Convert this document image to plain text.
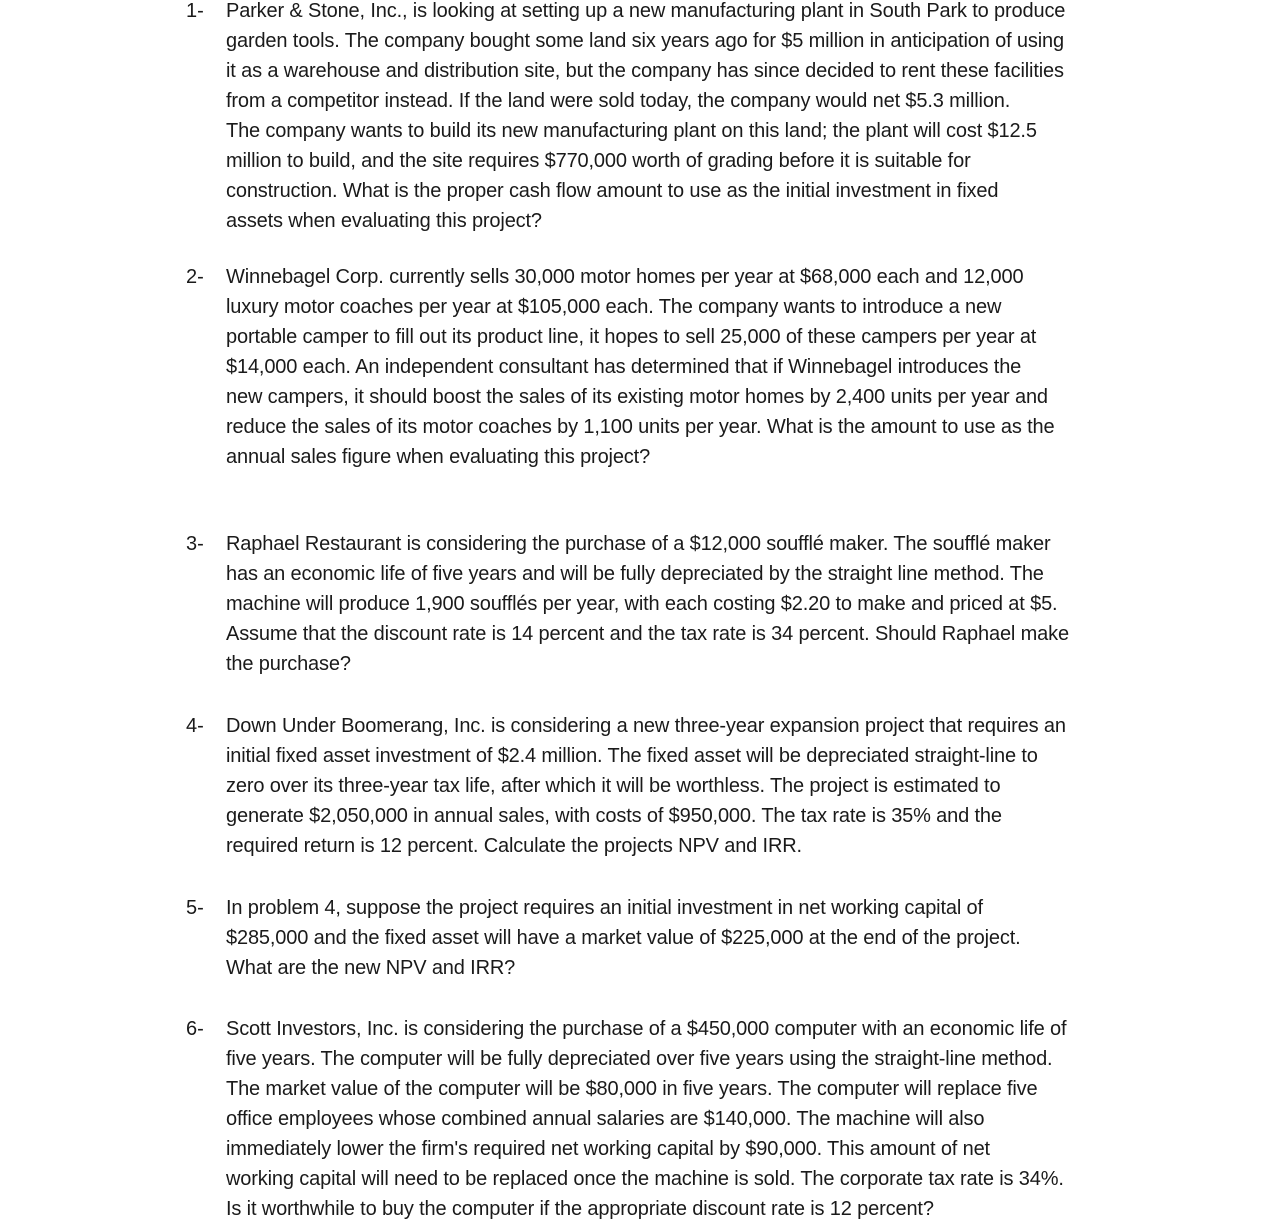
1- Parker & Stone, Inc., is looking at setting up a new manufacturing plant in South Park to produce
garden tools. The company bought some land six years ago for $5 million in anticipation of using
it as a warehouse and distribution site, but the company has since decided to rent these facilities
from a competitor instead. If the land were sold today, the company would net $5.3 million.
The company wants to build its new manufacturing plant on this land; the plant will cost $12.5
million to build, and the site requires $770,000 worth of grading before it is suitable for
construction. What is the proper cash flow amount to use as the initial investment in fixed
assets when evaluating this project?
2- Winnebagel Corp. currently sells 30,000 motor homes per year at $68,000 each and 12,000
luxury motor coaches per year at $105,000 each. The company wants to introduce a new
portable camper to fill out its product line, it hopes to sell 25,000 of these campers per year at
$14,000 each. An independent consultant has determined that if Winnebagel introduces the
new campers, it should boost the sales of its existing motor homes by 2,400 units per year and
reduce the sales of its motor coaches by 1,100 units per year. What is the amount to use as the
annual sales figure when evaluating this project?
3- Raphael Restaurant is considering the purchase of a $12,000 soufflé maker. The soufflé maker
has an economic life of five years and will be fully depreciated by the straight line method. The
machine will produce 1,900 soufflés per year, with each costing $2.20 to make and priced at $5.
Assume that the discount rate is 14 percent and the tax rate is 34 percent. Should Raphael make
the purchase?
4- Down Under Boomerang, Inc. is considering a new three-year expansion project that requires an
initial fixed asset investment of $2.4 million. The fixed asset will be depreciated straight-line to
zero over its three-year tax life, after which it will be worthless. The project is estimated to
generate $2,050,000 in annual sales, with costs of $950,000. The tax rate is 35% and the
required return is 12 percent. Calculate the projects NPV and IRR.
5- In problem 4, suppose the project requires an initial investment in net working capital of
$285,000 and the fixed asset will have a market value of $225,000 at the end of the project.
What are the new NPV and IRR?
6- Scott Investors, Inc. is considering the purchase of a $450,000 computer with an economic life of
five years. The computer will be fully depreciated over five years using the straight-line method.
The market value of the computer will be $80,000 in five years. The computer will replace five
office employees whose combined annual salaries are $140,000. The machine will also
immediately lower the firm's required net working capital by $90,000. This amount of net
working capital will need to be replaced once the machine is sold. The corporate tax rate is 34%.
Is it worthwhile to buy the computer if the appropriate discount rate is 12 percent?
